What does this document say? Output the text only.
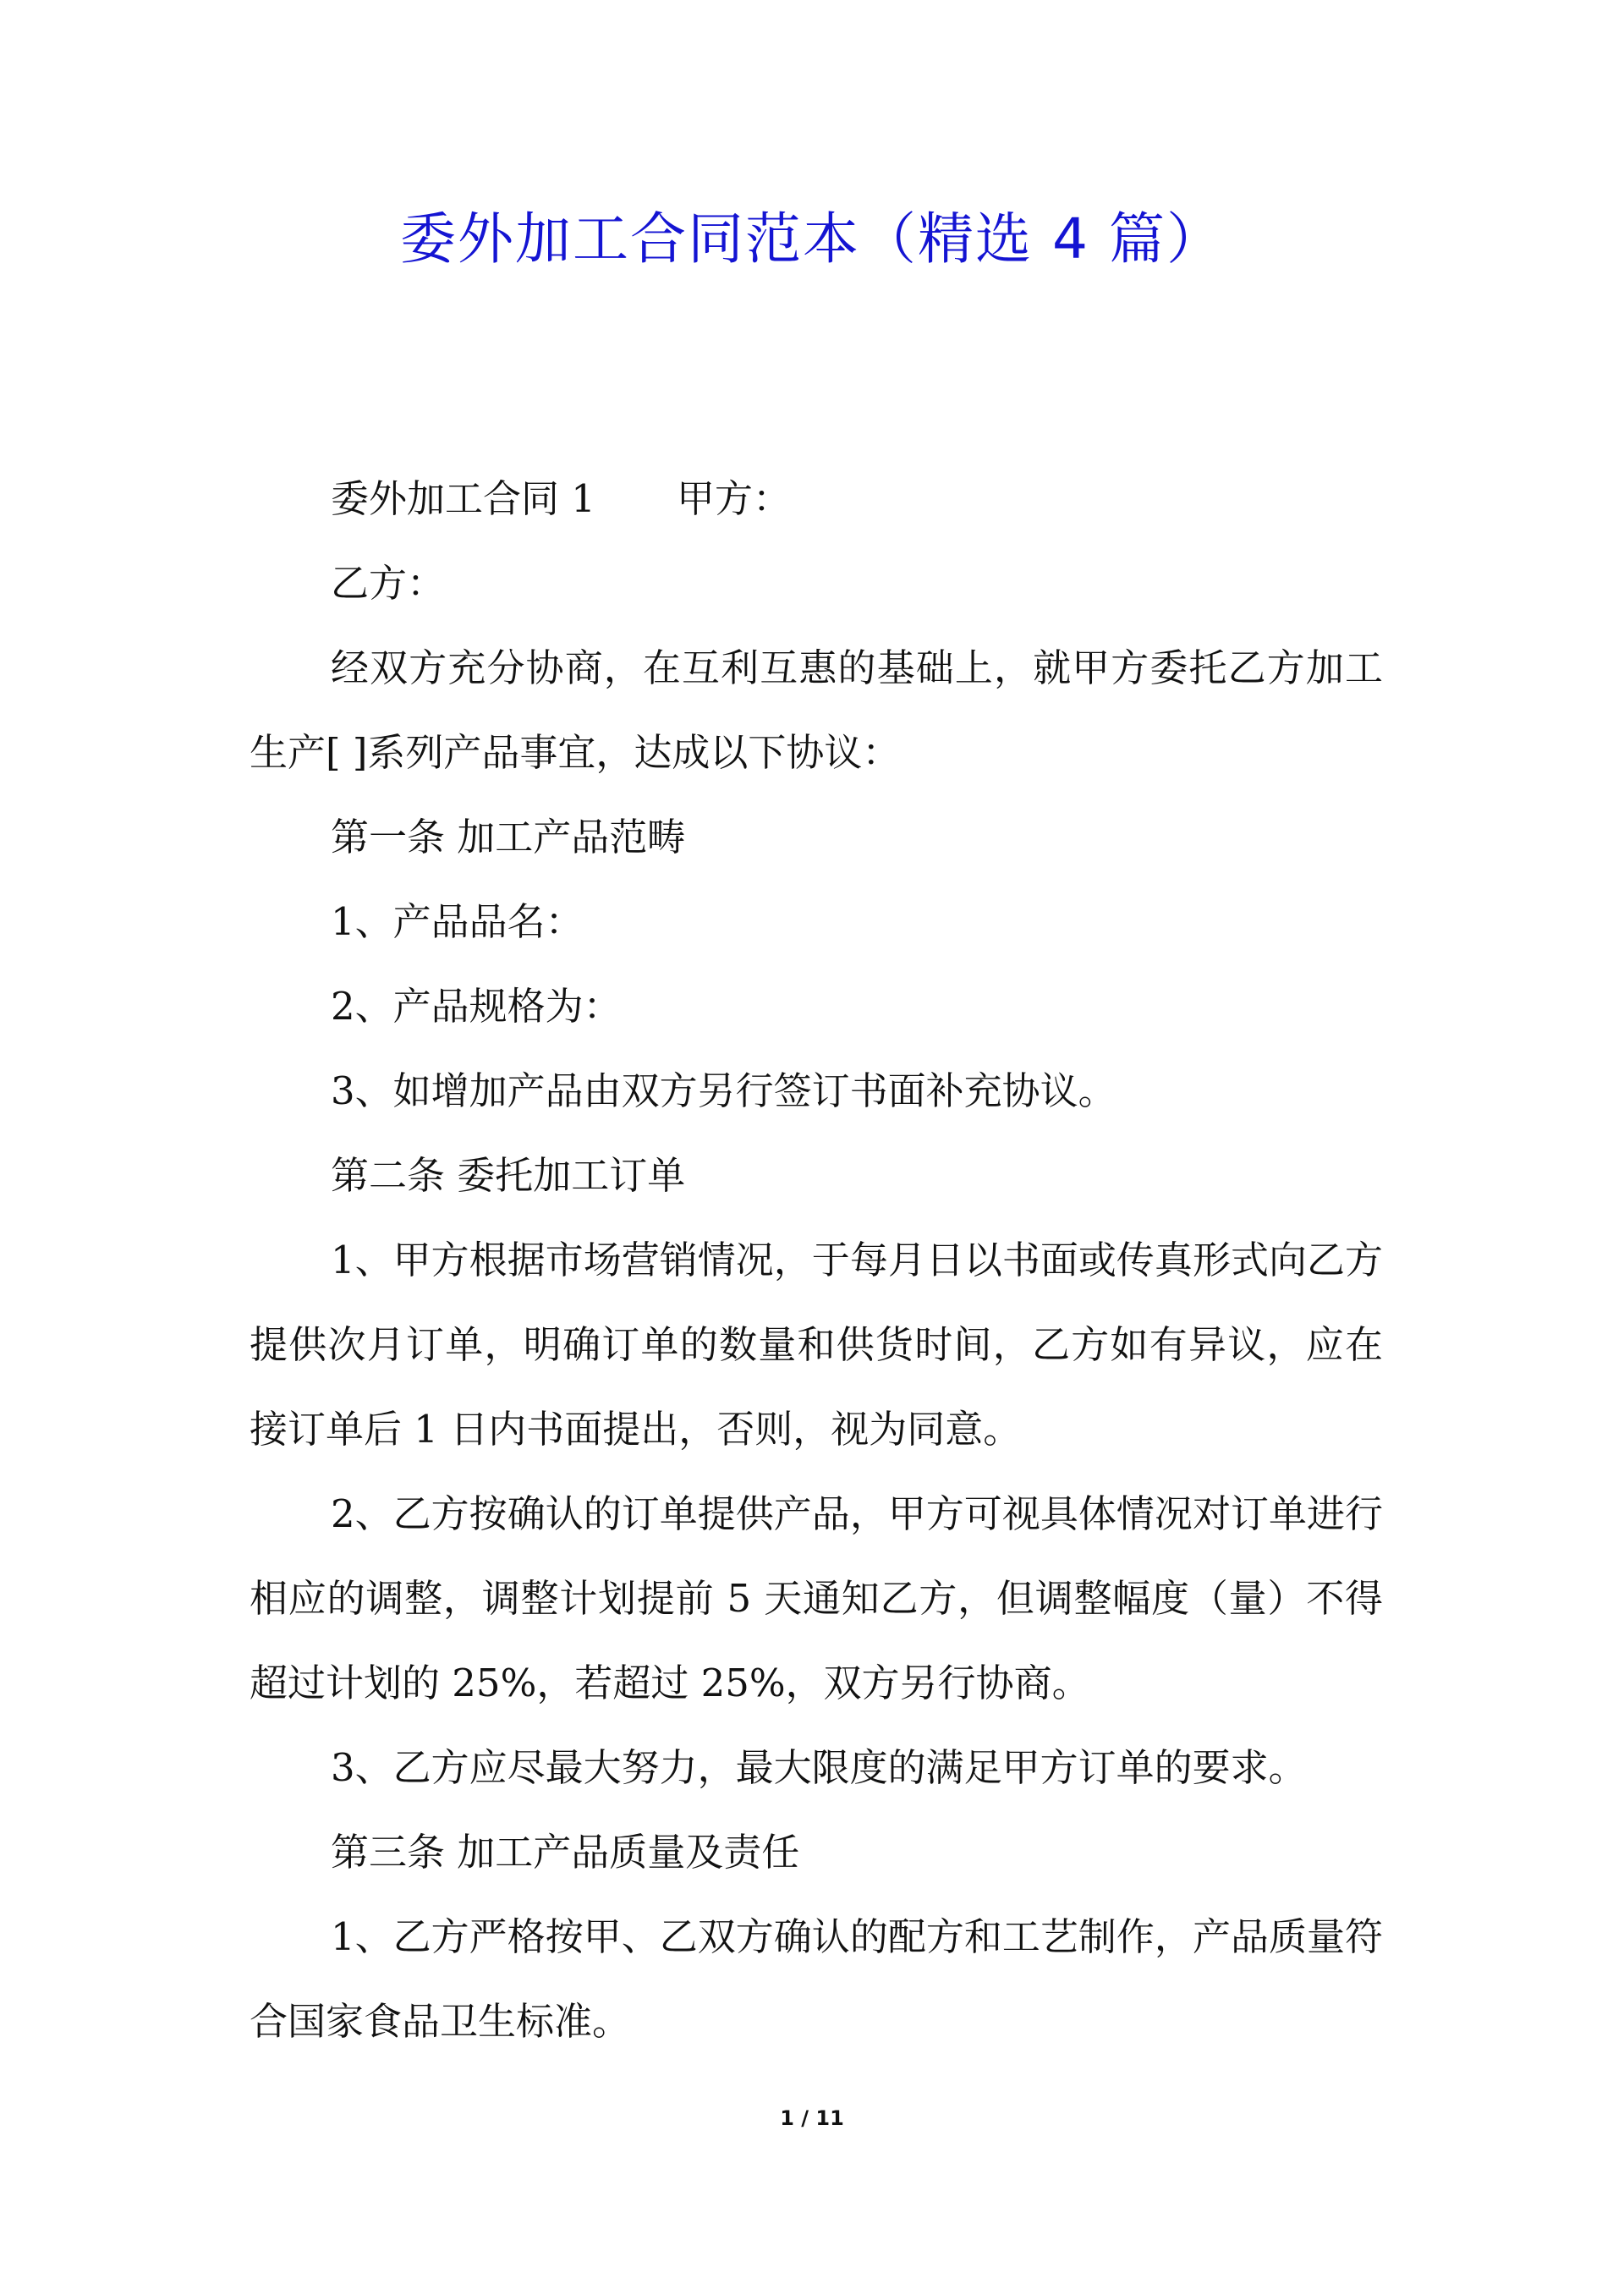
委外加工合同范本（精选 4 篇）

委外加工合同 1 甲方：

乙方：

经双方充分协商，在互利互惠的基础上，就甲方委托乙方加工生产[ ]系列产品事宜，达成以下协议：

第一条 加工产品范畴

1、产品品名：

2、产品规格为：

3、如增加产品由双方另行签订书面补充协议。

第二条 委托加工订单

1、甲方根据市场营销情况，于每月日以书面或传真形式向乙方提供次月订单，明确订单的数量和供货时间，乙方如有异议，应在接订单后 1 日内书面提出，否则，视为同意。

2、乙方按确认的订单提供产品，甲方可视具体情况对订单进行相应的调整，调整计划提前 5 天通知乙方，但调整幅度（量）不得超过计划的 25%，若超过 25%，双方另行协商。

3、乙方应尽最大努力，最大限度的满足甲方订单的要求。

第三条 加工产品质量及责任

1、乙方严格按甲、乙双方确认的配方和工艺制作，产品质量符合国家食品卫生标准。

1 / 11
